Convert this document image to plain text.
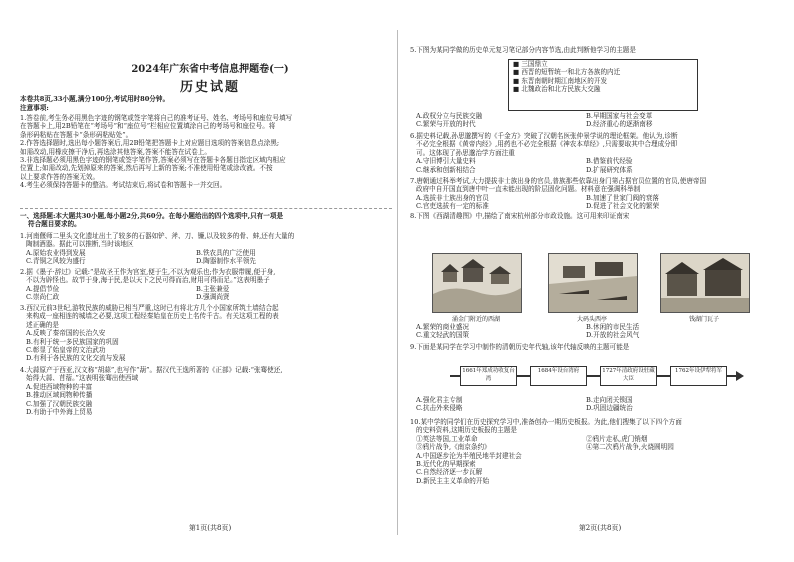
2024年广东省中考信息押题卷(一)
历史试题
本卷共8页,33小题,满分100分,考试用时80分钟。
注意事项:
1.答卷前,考生务必用黑色字迹的钢笔或签字笔将自己的准考证号、姓名、考场号和座位号填写
在答题卡上,用2B铅笔在“考场号”和“座位号”栏相应位置填涂自己的考场号和座位号。将
条形码粘贴在答题卡“条形码粘贴处”。
2.作答选择题时,选出每小题答案后,用2B铅笔把答题卡上对应题目选项的答案信息点涂黑;
如需改动,用橡皮擦干净后,再选涂其他答案,答案不能答在试卷上。
3.非选择题必须用黑色字迹的钢笔或签字笔作答,答案必须写在答题卡各题目指定区域内相应
位置上;如需改动,先划掉原来的答案,然后再写上新的答案;不准使用铅笔或涂改液。不按
以上要求作答的答案无效。
4.考生必须保持答题卡的整洁。考试结束后,将试卷和答题卡一并交回。
一、选择题:本大题共30小题,每小题2分,共60分。在每小题给出的四个选项中,只有一项是
符合题目要求的。
1.河南偃师二里头文化遗址出土了较多的石器如铲、斧、刀、镰,以及较多的骨、蚌,还有大量的
陶制酒器。据此可以推断,当时该地区
A.原始农业得到发展	B.铁农具的广泛使用
C.青铜之风较为盛行	D.陶器制作水平领先
2.据《墨子·辞过》记载:“是故圣王作为宫室,便于生,不以为观乐也;作为衣服带履,便于身,
不以为辟怪也。故节于身,海于民,是以天下之民可得而治,财用可得而足。”这表明墨子
A.提倡节俭	B.主张兼爱
C.崇尚仁政	D.强调尚贤
3.西汉元前3世纪,游牧民族的威胁已相当严重,这时已有将北方几个小国家所筑土墙结合起
来构成一座相连的城墙之必要,这项工程经秦始皇在历史上名传千古。有关这项工程的表
述正确的是
A.反映了秦帝国的长治久安
B.有利于统一多民族国家的巩固
C.彰显了始皇帝的文治武功
D.有利于各民族的文化交流与发展
4.大蒜原产于西亚,汉文称“胡蒜”,也写作“葫”。据汉代王逸所著的《正部》记载:“张骞使还,
始得大蒜、苜蓿。”这表明张骞出使西域
A.促进西域物种的丰富
B.推动区域间物种传播
C.加强了汉朝民族交融
D.有助于中外海上贸易
第1页(共8页)
5.下图为某同学做的历史单元复习笔记部分内容节选,由此判断他学习的主题是
■ 三国鼎立
■ 西晋的短暂统一和北方各族的内迁
■ 东晋南朝时期江南地区的开发
■ 北魏政治和北方民族大交融
A.政权分立与民族交融	B.早期国家与社会变革
C.繁荣与开放的时代	D.经济重心的逐渐南移
6.据史料记载,孙思邈撰写的《千金方》突破了汉朝名医张仲景学说的理论框架。他认为,诊断
不必完全根据《黄帝内经》,用药也不必完全根据《神农本草经》,只需要取其中合理成分即
可。这体现了孙思邈治学方面注重
A.守旧博引大量史料	B.借鉴前代经验
C.继承和创新相结合	D.扩展研究体系
7.唐朝通过科举考试,大力提拔非士族出身的官员,普族那些依靠出身门第占据官员位置的官员,使唐帝国
政府中自开国直到唐中叶一直未能出现的阶层固化问题。材料意在强调科举制
A.选拔非士族出身的官员	B.加速了世家门阀的衰落
C.官吏选拔有一定的标准	D.促进了社会文化的繁荣
8.下图《西湖清趣图》中,描绘了南宋杭州部分市政设施。这可用来印证南宋
涌金门附近的西湖	大码头西亭	钱湖门瓦子
A.繁荣的商业盛况	B.休闲的市民生活
C.重文轻武的国策	D.开放的社会风气
9.下面是某同学在学习中制作的清朝历史年代轴,该年代轴反映的主题可能是
1661年郑成功收复台湾
1684年设台湾府	1727年清政府设驻藏大臣
1762年设伊犁将军
A.强化君主专制	B.走向闭关锁国
C.抗击外来侵略	D.巩固边疆统治
10.某中学的同学们在历史探究学习中,准备创办一期历史板报。为此,他们搜集了以下四个方面
的史料资料,这期历史板报的主题是
①英法等国,工业革命	②鸦片走私,虎门销烟
③鸦片战争,《南京条约》	④第二次鸦片战争,火烧圆明园
A.中国逐步沦为半殖民地半封建社会
B.近代化的早期探索
C.自然经济逐一步瓦解
D.新民主主义革命的开始
第2页(共8页)
